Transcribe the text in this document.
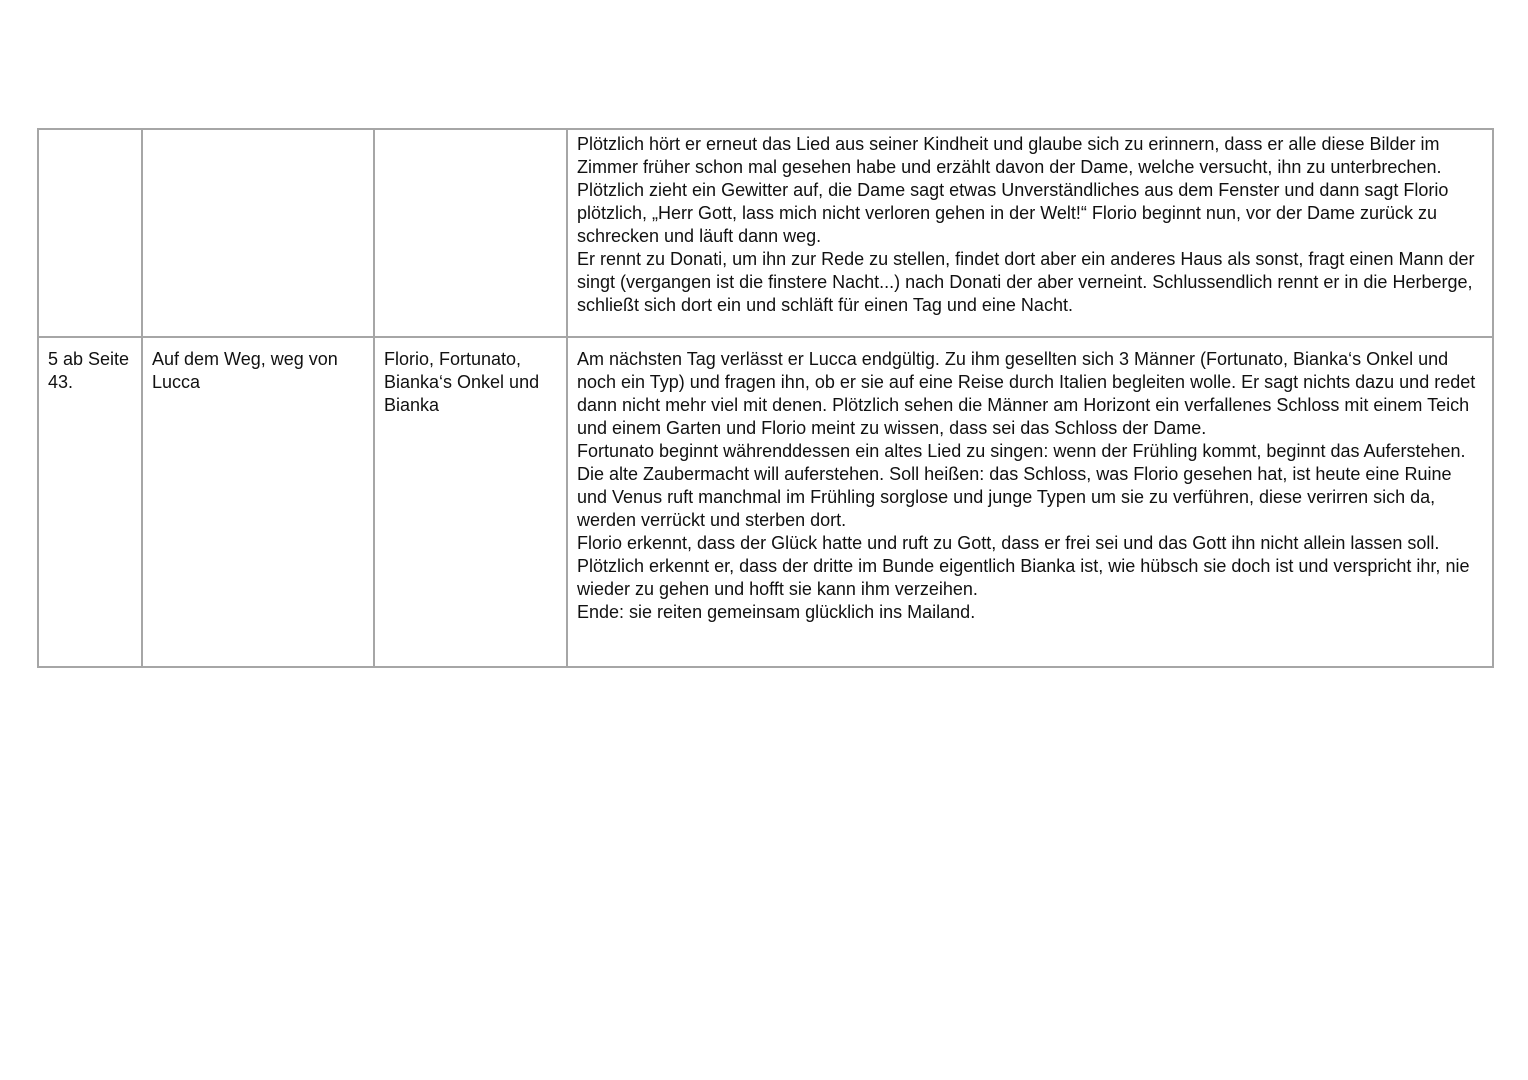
			Plötzlich hört er erneut das Lied aus seiner Kindheit und glaube sich zu erinnern, dass er alle diese Bilder im Zimmer früher schon mal gesehen habe und erzählt davon der Dame, welche versucht, ihn zu unterbrechen. Plötzlich zieht ein Gewitter auf, die Dame sagt etwas Unverständliches aus dem Fenster und dann sagt Florio plötzlich, „Herr Gott, lass mich nicht verloren gehen in der Welt!“ Florio beginnt nun, vor der Dame zurück zu schrecken und läuft dann weg.
Er rennt zu Donati, um ihn zur Rede zu stellen, findet dort aber ein anderes Haus als sonst, fragt einen Mann der singt (vergangen ist die finstere Nacht...) nach Donati der aber verneint. Schlussendlich rennt er in die Herberge, schließt sich dort ein und schläft für einen Tag und eine Nacht.

5 ab Seite 43.	Auf dem Weg, weg von Lucca	Florio, Fortunato, Bianka‘s Onkel und Bianka	Am nächsten Tag verlässt er Lucca endgültig. Zu ihm gesellten sich 3 Männer (Fortunato, Bianka‘s Onkel und noch ein Typ) und fragen ihn, ob er sie auf eine Reise durch Italien begleiten wolle. Er sagt nichts dazu und redet dann nicht mehr viel mit denen. Plötzlich sehen die Männer am Horizont ein verfallenes Schloss mit einem Teich und einem Garten und Florio meint zu wissen, dass sei das Schloss der Dame.
Fortunato beginnt währenddessen ein altes Lied zu singen: wenn der Frühling kommt, beginnt das Auferstehen. Die alte Zaubermacht will auferstehen. Soll heißen: das Schloss, was Florio gesehen hat, ist heute eine Ruine und Venus ruft manchmal im Frühling sorglose und junge Typen um sie zu verführen, diese verirren sich da, werden verrückt und sterben dort.
Florio erkennt, dass der Glück hatte und ruft zu Gott, dass er frei sei und das Gott ihn nicht allein lassen soll. Plötzlich erkennt er, dass der dritte im Bunde eigentlich Bianka ist, wie hübsch sie doch ist und verspricht ihr, nie wieder zu gehen und hofft sie kann ihm verzeihen.
Ende: sie reiten gemeinsam glücklich ins Mailand.
